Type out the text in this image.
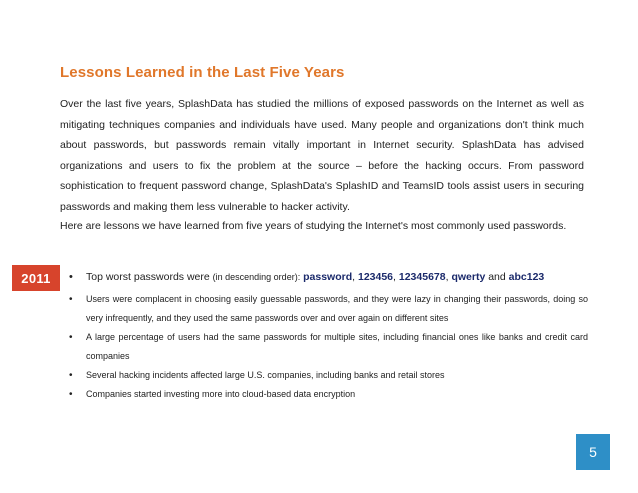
Lessons Learned in the Last Five Years
Over the last five years, SplashData has studied the millions of exposed passwords on the Internet as well as mitigating techniques companies and individuals have used. Many people and organizations don't think much about passwords, but passwords remain vitally important in Internet security. SplashData has advised organizations and users to fix the problem at the source – before the hacking occurs. From password sophistication to frequent password change, SplashData's SplashID and TeamsID tools assist users in securing passwords and making them less vulnerable to hacker activity.
Here are lessons we have learned from five years of studying the Internet's most commonly used passwords.
2011
•	Top worst passwords were (in descending order): password, 123456, 12345678, qwerty and abc123
• Users were complacent in choosing easily guessable passwords, and they were lazy in changing their passwords, doing so very infrequently, and they used the same passwords over and over again on different sites
• A large percentage of users had the same passwords for multiple sites, including financial ones like banks and credit card companies
• Several hacking incidents affected large U.S. companies, including banks and retail stores
• Companies started investing more into cloud-based data encryption
5
